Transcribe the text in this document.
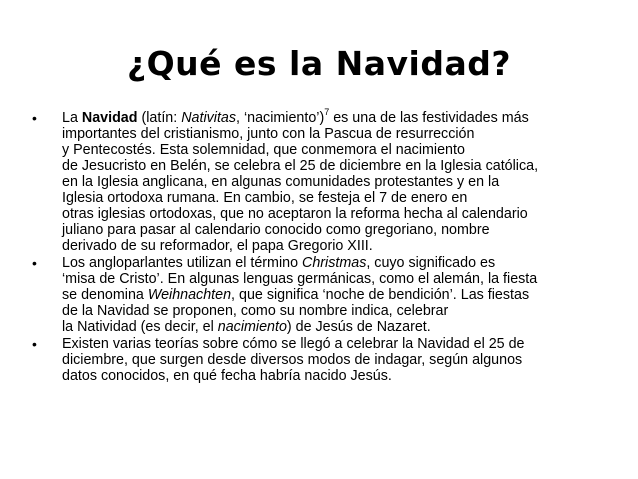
¿Qué es la Navidad?
• La Navidad (latín: Nativitas, ‘nacimiento’)$^7$ es una de las festividades más
importantes del cristianismo, junto con la Pascua de resurrección
y Pentecostés. Esta solemnidad, que conmemora el nacimiento
de Jesucristo en Belén, se celebra el 25 de diciembre en la Iglesia católica,
en la Iglesia anglicana, en algunas comunidades protestantes y en la
Iglesia ortodoxa rumana. En cambio, se festeja el 7 de enero en
otras iglesias ortodoxas, que no aceptaron la reforma hecha al calendario
juliano para pasar al calendario conocido como gregoriano, nombre
derivado de su reformador, el papa Gregorio XIII.
• Los angloparlantes utilizan el término Christmas, cuyo significado es
‘misa de Cristo’. En algunas lenguas germánicas, como el alemán, la fiesta
se denomina Weihnachten, que significa ‘noche de bendición’. Las fiestas
de la Navidad se proponen, como su nombre indica, celebrar
la Natividad (es decir, el nacimiento) de Jesús de Nazaret.
• Existen varias teorías sobre cómo se llegó a celebrar la Navidad el 25 de
diciembre, que surgen desde diversos modos de indagar, según algunos
datos conocidos, en qué fecha habría nacido Jesús.
